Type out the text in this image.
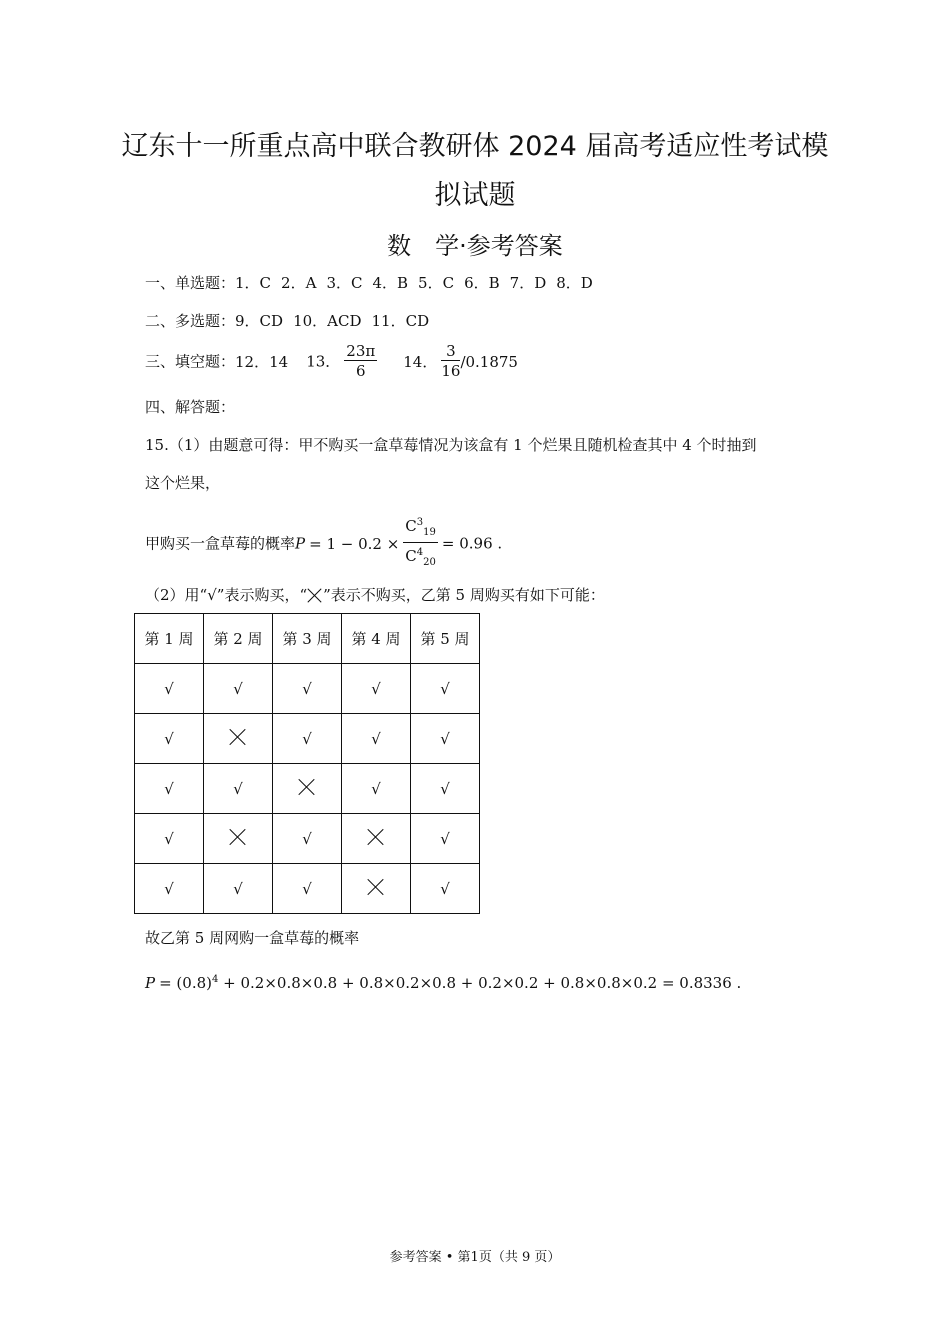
辽东十一所重点高中联合教研体 2024 届高考适应性考试模
拟试题
数　学·参考答案
一、单选题：1．C 2．A 3．C 4．B 5．C 6．B 7．D 8．D
二、多选题：9．CD 10．ACD 11．CD
三、填空题：12．14 13． $\frac{23\pi}{6} 14$． $\frac{3}{16} /0.1875$
四、解答题：
15.（1）由题意可得：甲不购买一盒草莓情况为该盒有 1 个烂果且随机检查其中 4 个时抽到
这个烂果，
甲购买一盒草莓的概率$P = 1 - 0.2 \times \frac{C^3_{19}}{C^4_{20}} = 0.96$ .
（2）用“√”表示购买，“ ”表示不购买，乙第 5 周购买有如下可能：
第 1 周	第 2 周	第 3 周	第 4 周	第 5 周
√	√	√	√	√
√		√	√	√
√	√		√	√
√		√		√
√	√	√		√
故乙第 5 周网购一盒草莓的概率
$P = (0.8)^4 + 0.2\times 0.8\times 0.8 + 0.8\times 0.2\times 0.8 + 0.2\times 0.2 + 0.8\times 0.8\times 0.2 = 0.8336$ .
参考答案 • 第1页（共 9 页）
